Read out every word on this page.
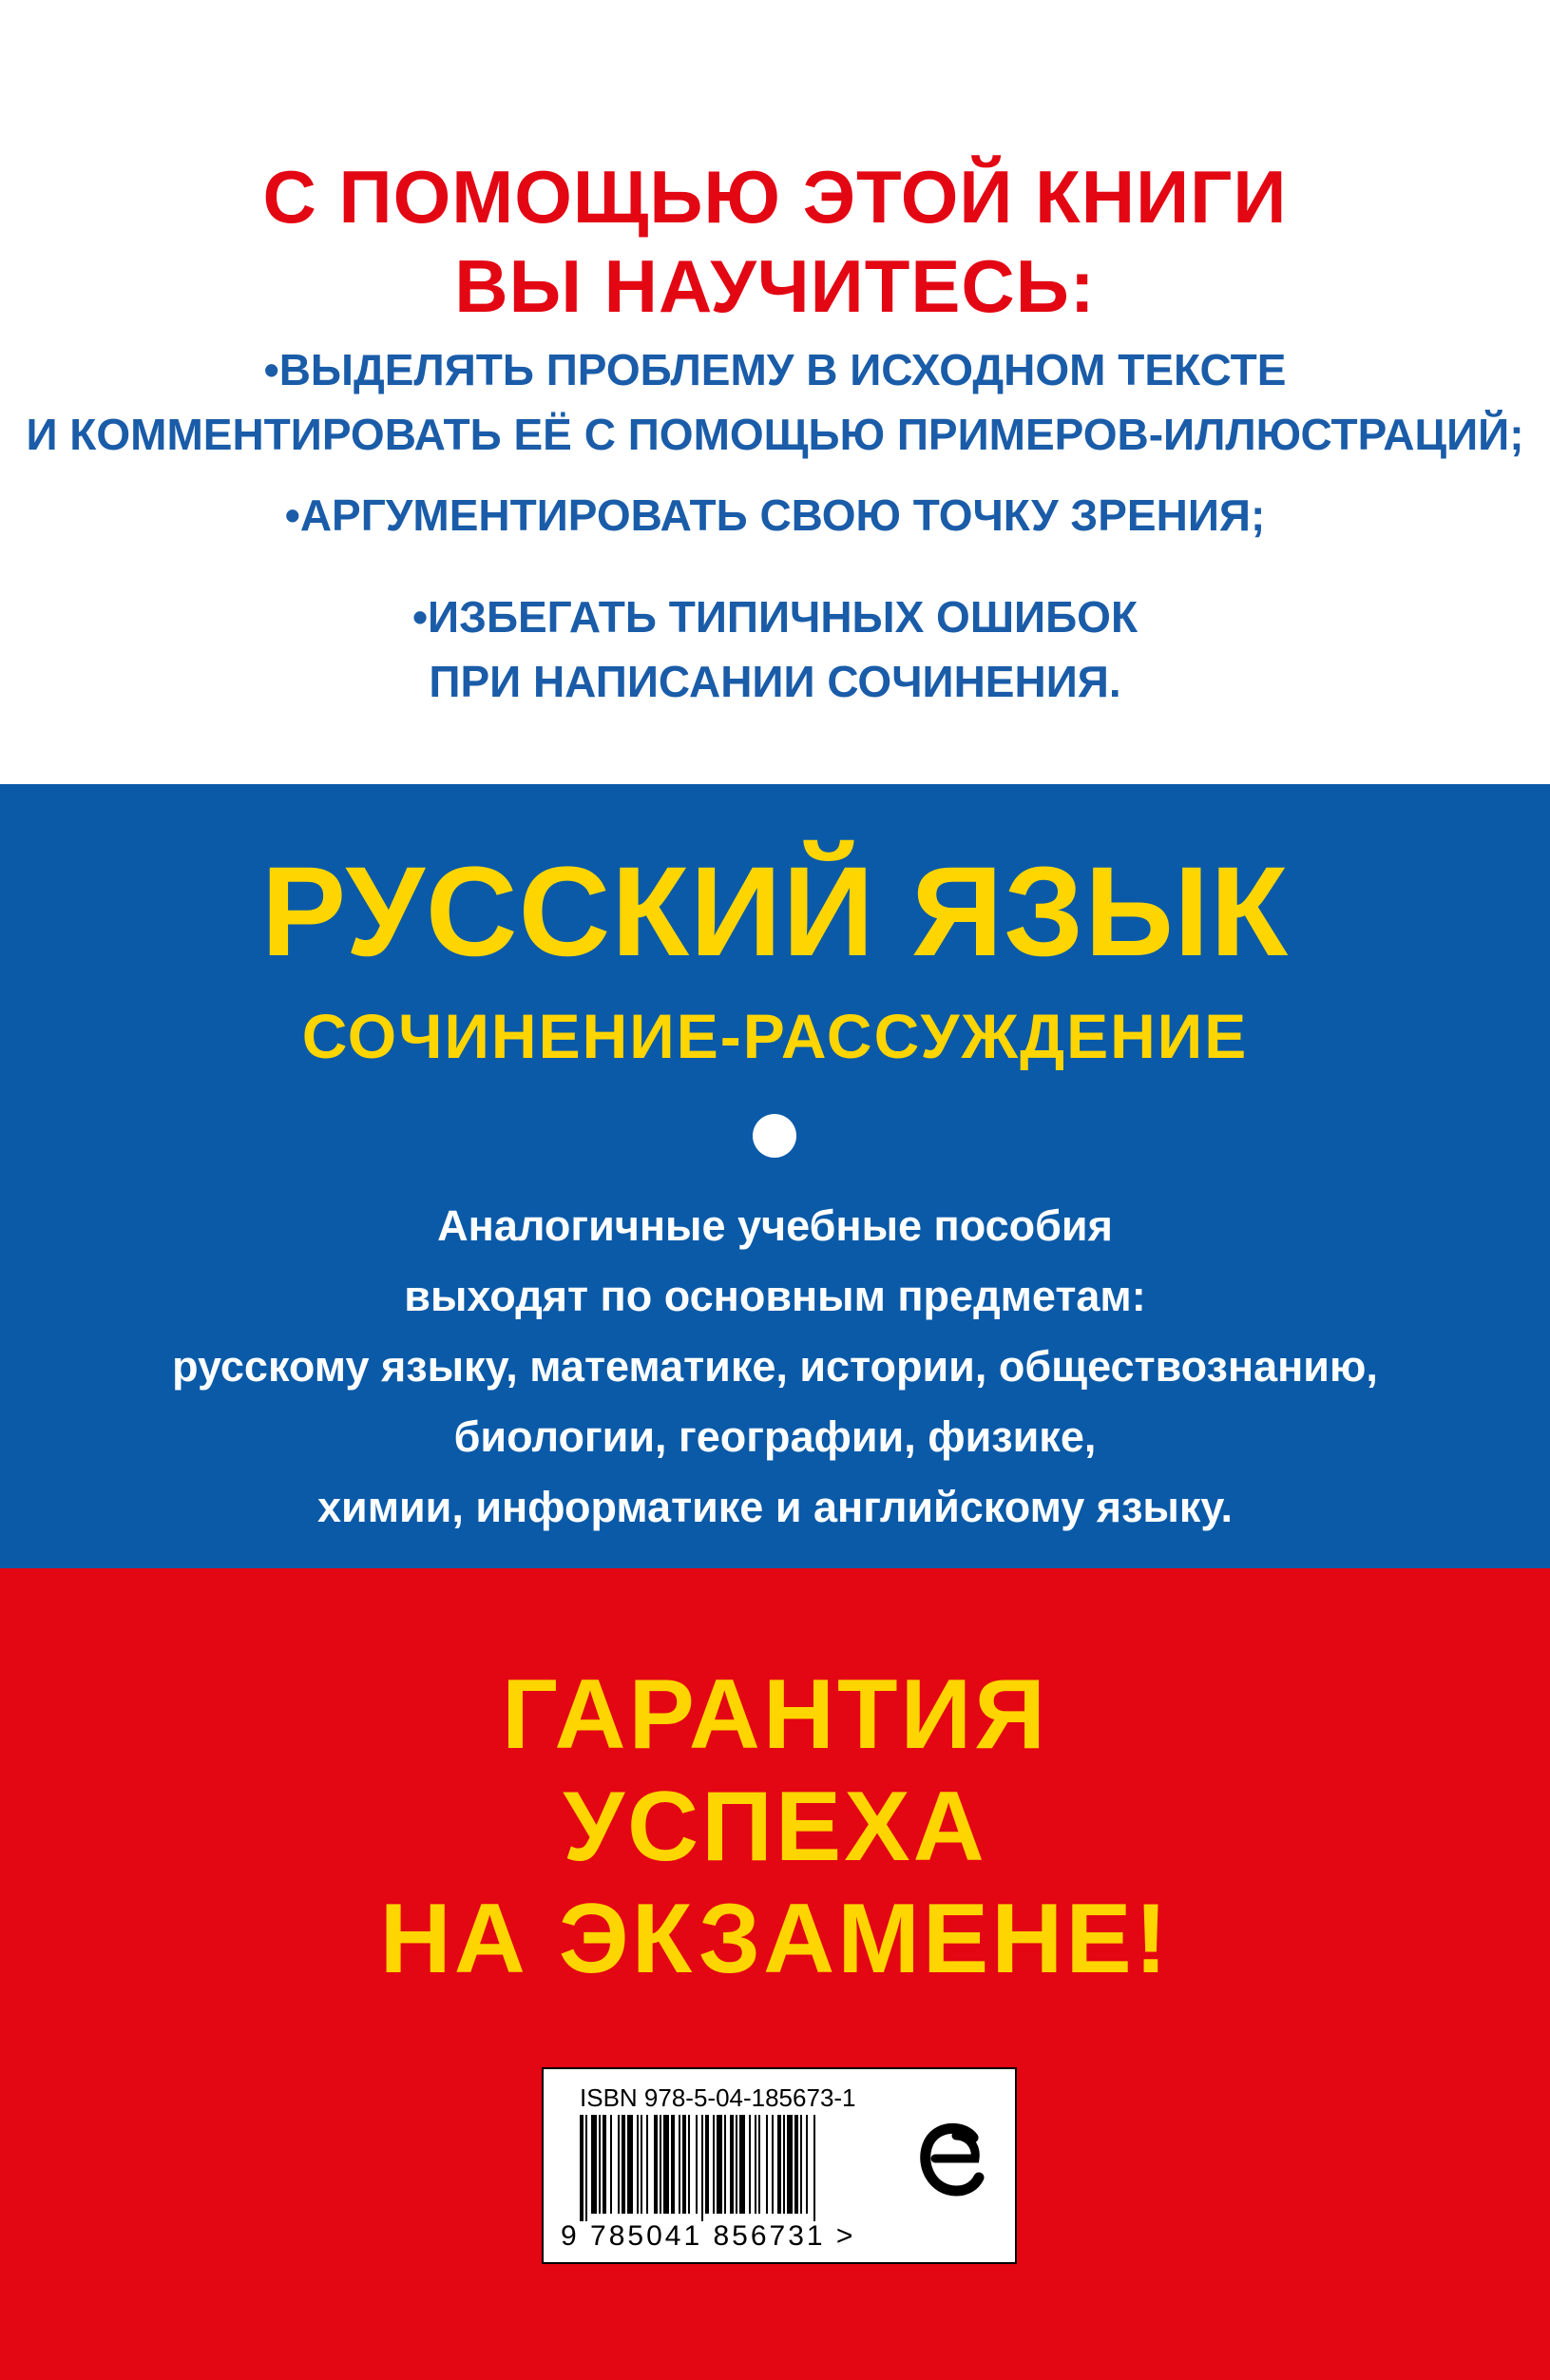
С ПОМОЩЬЮ ЭТОЙ КНИГИ

ВЫ НАУЧИТЕСЬ:

•ВЫДЕЛЯТЬ ПРОБЛЕМУ В ИСХОДНОМ ТЕКСТЕ
И КОММЕНТИРОВАТЬ ЕЁ С ПОМОЩЬЮ ПРИМЕРОВ-ИЛЛЮСТРАЦИЙ;
•АРГУМЕНТИРОВАТЬ СВОЮ ТОЧКУ ЗРЕНИЯ;
•ИЗБЕГАТЬ ТИПИЧНЫХ ОШИБОК
ПРИ НАПИСАНИИ СОЧИНЕНИЯ.
РУССКИЙ ЯЗЫК
СОЧИНЕНИЕ-РАССУЖДЕНИЕ
Аналогичные учебные пособия
выходят по основным предметам:
русскому языку, математике, истории, обществознанию,
биологии, географии, физике,
химии, информатике и английскому языку.
ГАРАНТИЯ
УСПЕХА
НА ЭКЗАМЕНЕ!

ISBN 978-5-04-185673-1

9 785041 856731 >
